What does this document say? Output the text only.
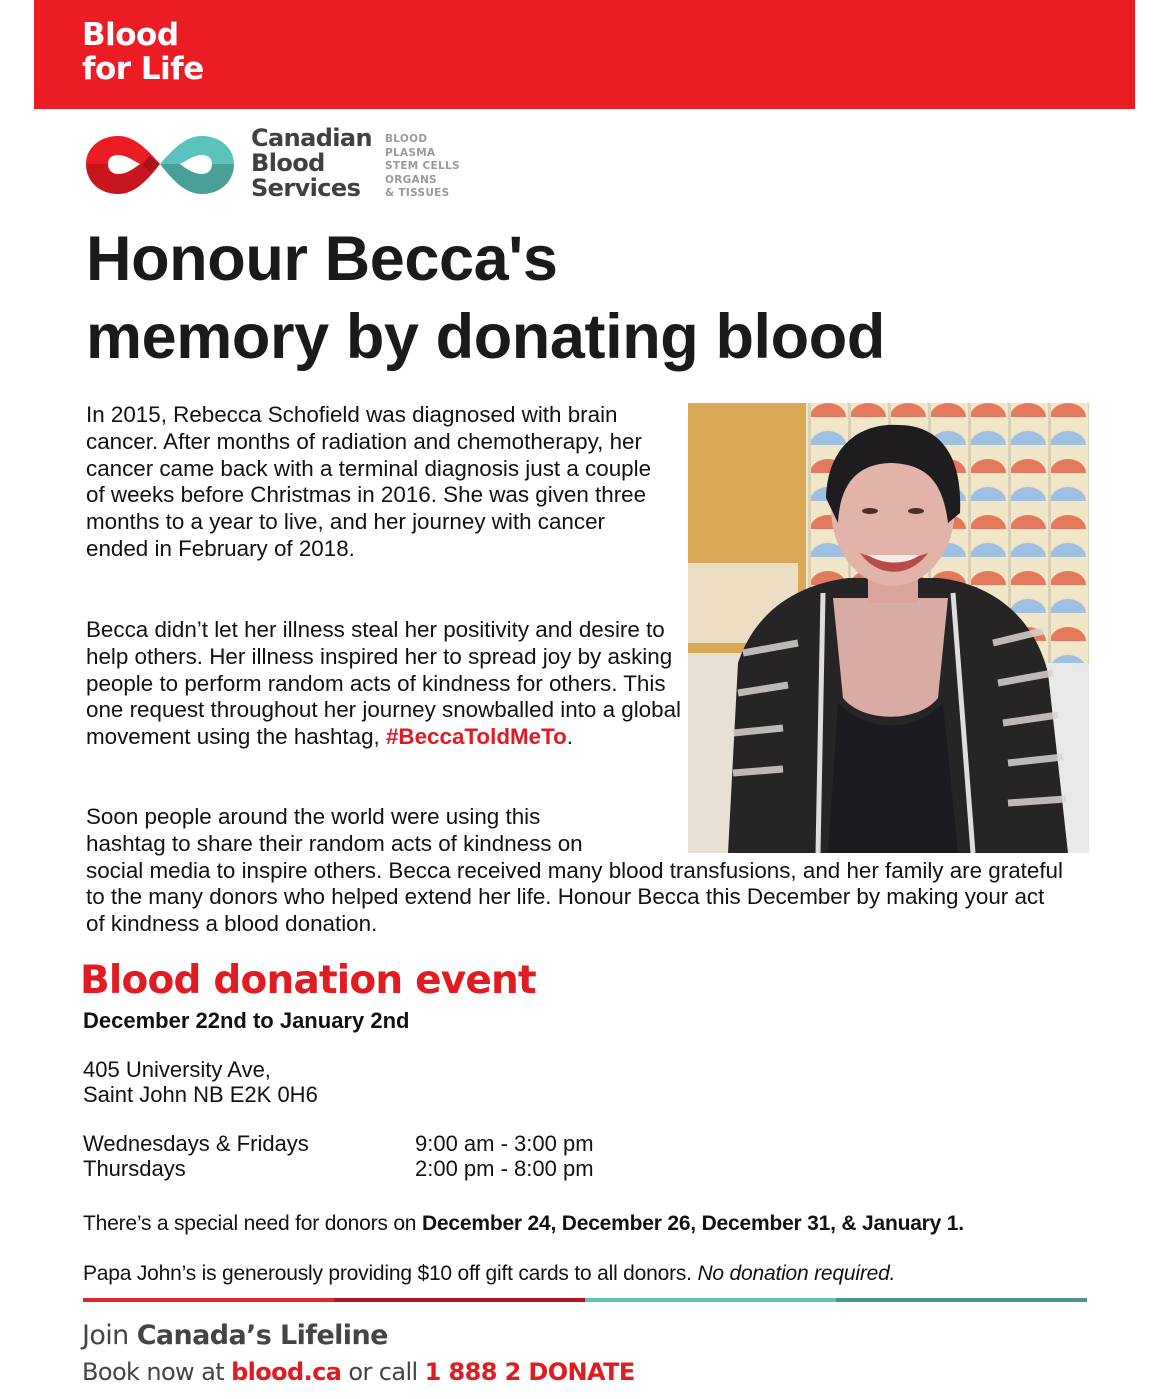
Blood
for Life
Canadian
Blood
Services
BLOOD
PLASMA
STEM CELLS
ORGANS
& TISSUES
Honour Becca's
memory by donating blood

In 2015, Rebecca Schofield was diagnosed with brain cancer. After months of radiation and chemotherapy, her cancer came back with a terminal diagnosis just a couple of weeks before Christmas in 2016. She was given three months to a year to live, and her journey with cancer ended in February of 2018.

Becca didn’t let her illness steal her positivity and desire to help others. Her illness inspired her to spread joy by asking people to perform random acts of kindness for others. This one request throughout her journey snowballed into a global movement using the hashtag, #BeccaToldMeTo.

Soon people around the world were using this
hashtag to share their random acts of kindness on
social media to inspire others. Becca received many blood transfusions, and her family are grateful to the many donors who helped extend her life. Honour Becca this December by making your act of kindness a blood donation.

Blood donation event
December 22nd to January 2nd
405 University Ave,
Saint John NB E2K 0H6
Wednesdays & Fridays	9:00 am - 3:00 pm
Thursdays	2:00 pm - 8:00 pm

There’s a special need for donors on December 24, December 26, December 31, & January 1.

Papa John’s is generously providing $10 off gift cards to all donors. No donation required.

Join Canada’s Lifeline
Book now at blood.ca or call 1 888 2 DONATE
